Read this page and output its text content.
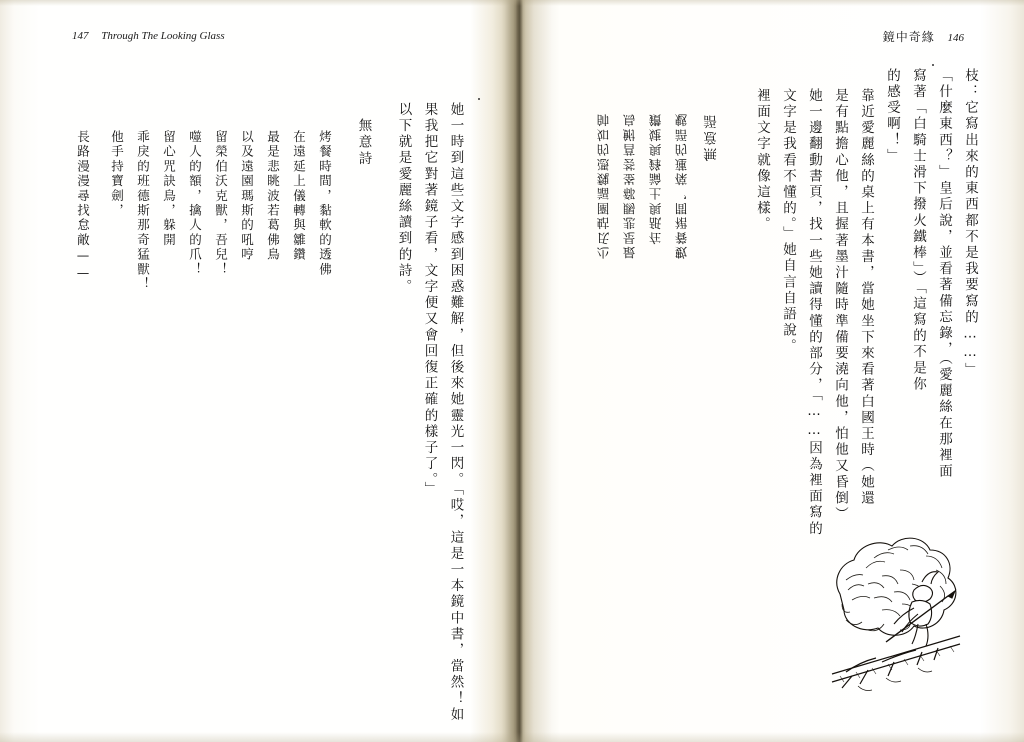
147 Through The Looking Glass	鏡中奇緣 146
枝：它寫出來的東西都不是我要寫的……」
「什麼東西？」皇后說，並看著備忘錄，（愛麗絲在那裡面
寫著「白騎士滑下撥火鐵棒」）「這寫的不是你
的感受啊！」
靠近愛麗絲的桌上有本書，當她坐下來看著白國王時（她還
是有點擔心他，且握著墨汁隨時準備要澆向他，怕他又昏倒）
她一邊翻動書頁，找一些她讀得懂的部分，「……因為裡面寫的
文字是我看不懂的。」她自言自語說。
裡面文字就像這樣。
無意語
數養裙間，葆蓮的語魃
在舐與土論鋒與婕鑽
最是悲賜郗崟荟菖鮒鳥
尐氐蛄圍諨魏憑的如帥
她一時到這些文字感到困惑難解，但後來她靈光一閃。「哎，這是一本鏡中書，當然！如
果我把它對著鏡子看，文字便又會回復正確的樣子了。」
以下就是愛麗絲讀到的詩。
無意詩
烤餐時間，黏軟的透佛
在遠延上儀轉與雛鑽
最是悲眺波若葛佛鳥
以及遠園瑪斯的吼哼
留榮伯沃克獸，吾兒！
噬人的額，擒人的爪！
留心咒訣鳥，躲開
乖戾的班德斯那奇猛獸！
他手持寶劍，
長路漫漫尋找怠敵——
